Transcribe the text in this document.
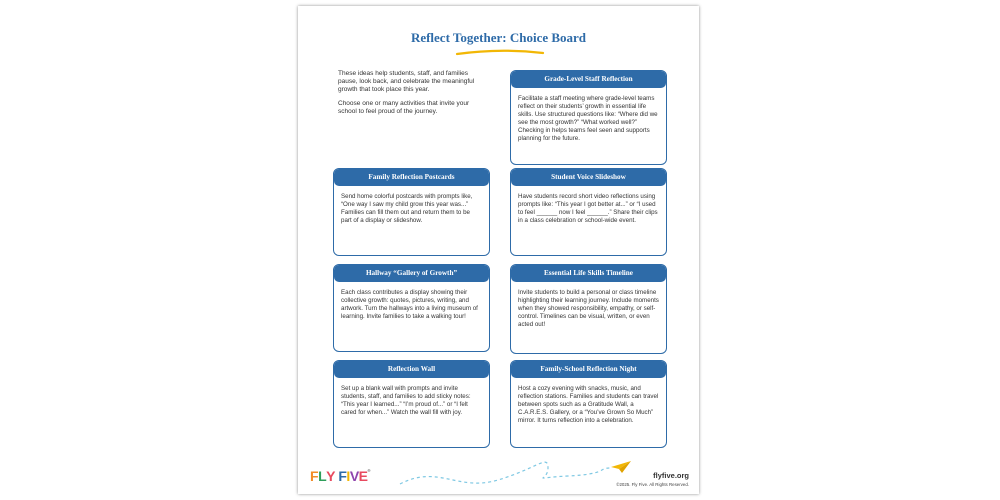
Reflect Together: Choice Board

These ideas help students, staff, and families pause, look back, and celebrate the meaningful growth that took place this year.

Choose one or many activities that invite your school to feel proud of the journey.

Grade-Level Staff Reflection
Facilitate a staff meeting where grade-level teams reflect on their students’ growth in essential life skills. Use structured questions like: “Where did we see the most growth?” “What worked well?” Checking in helps teams feel seen and supports planning for the future.
Family Reflection Postcards
Send home colorful postcards with prompts like, “One way I saw my child grow this year was...” Families can fill them out and return them to be part of a display or slideshow.
Student Voice Slideshow
Have students record short video reflections using prompts like: “This year I got better at...” or “I used to feel ______ now I feel ______.” Share their clips in a class celebration or school-wide event.
Hallway “Gallery of Growth”
Each class contributes a display showing their collective growth: quotes, pictures, writing, and artwork. Turn the hallways into a living museum of learning. Invite families to take a walking tour!
Essential Life Skills Timeline
Invite students to build a personal or class timeline highlighting their learning journey. Include moments when they showed responsibility, empathy, or self-control. Timelines can be visual, written, or even acted out!
Reflection Wall
Set up a blank wall with prompts and invite students, staff, and families to add sticky notes: “This year I learned...” “I’m proud of...” or “I felt cared for when...” Watch the wall fill with joy.
Family-School Reflection Night
Host a cozy evening with snacks, music, and reflection stations. Families and students can travel between spots such as a Gratitude Wall, a C.A.R.E.S. Gallery, or a “You’ve Grown So Much” mirror. It turns reflection into a celebration.
FLY FIVE®
flyfive.org
©2025. Fly Five. All Rights Reserved.
